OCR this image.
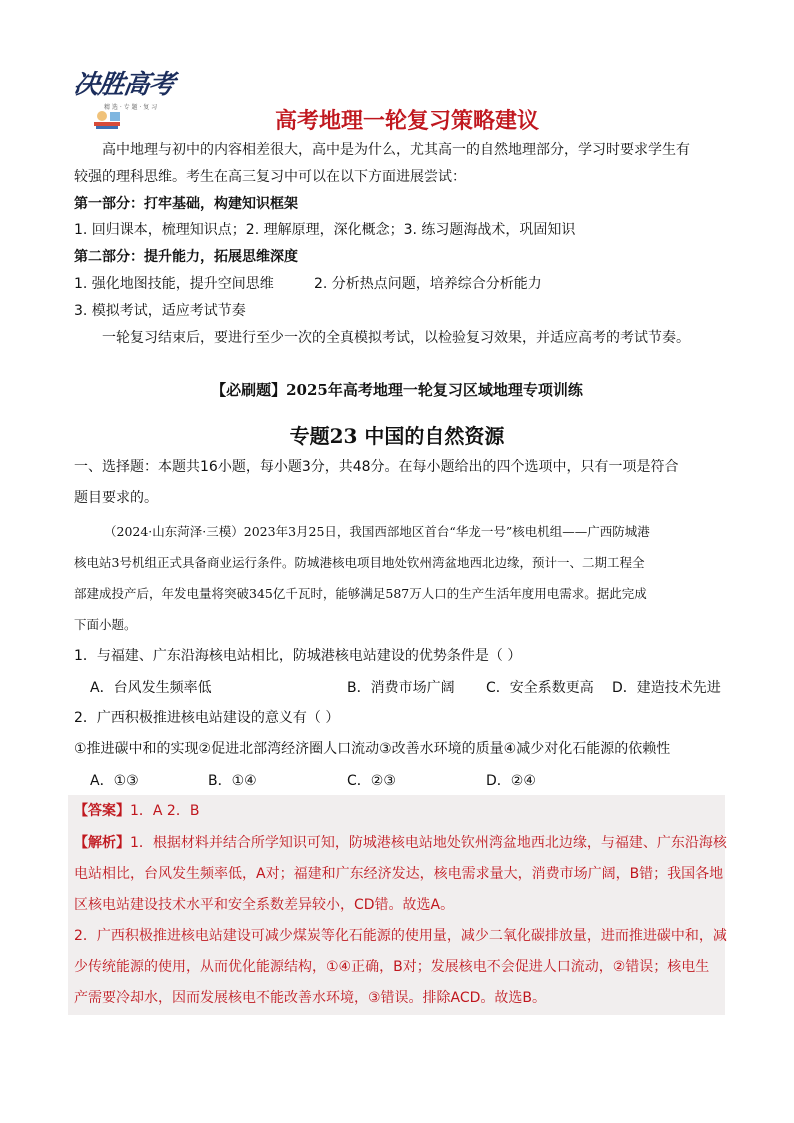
决胜高考
精 选 · 专 题 · 复 习
高考地理一轮复习策略建议
高中地理与初中的内容相差很大，高中是为什么，尤其高一的自然地理部分，学习时要求学生有
较强的理科思维。考生在高三复习中可以在以下方面进展尝试：
第一部分：打牢基础，构建知识框架
1. 回归课本，梳理知识点；2. 理解原理，深化概念；3. 练习题海战术，巩固知识
第二部分：提升能力，拓展思维深度
1. 强化地图技能，提升空间思维	2. 分析热点问题，培养综合分析能力
3. 模拟考试，适应考试节奏
一轮复习结束后，要进行至少一次的全真模拟考试，以检验复习效果，并适应高考的考试节奏。
【必刷题】2025年高考地理一轮复习区域地理专项训练
专题23 中国的自然资源
一、选择题：本题共16小题，每小题3分，共48分。在每小题给出的四个选项中，只有一项是符合
题目要求的。
（2024·山东菏泽·三模）2023年3月25日，我国西部地区首台“华龙一号”核电机组——广西防城港
核电站3号机组正式具备商业运行条件。防城港核电项目地处钦州湾盆地西北边缘，预计一、二期工程全
部建成投产后，年发电量将突破345亿千瓦时，能够满足587万人口的生产生活年度用电需求。据此完成
下面小题。
1．与福建、广东沿海核电站相比，防城港核电站建设的优势条件是（ ）
A．台风发生频率低	B．消费市场广阔 C．安全系数更高 D．建造技术先进
2．广西积极推进核电站建设的意义有（ ）
①推进碳中和的实现②促进北部湾经济圈人口流动③改善水环境的质量④减少对化石能源的依赖性
A．①③	B．①④	C．②③	D．②④
【答案】1．A 2．B
【解析】1．根据材料并结合所学知识可知，防城港核电站地处钦州湾盆地西北边缘，与福建、广东沿海核
电站相比，台风发生频率低，A对；福建和广东经济发达，核电需求量大，消费市场广阔，B错；我国各地
区核电站建设技术水平和安全系数差异较小，CD错。故选A。
2．广西积极推进核电站建设可减少煤炭等化石能源的使用量，减少二氧化碳排放量，进而推进碳中和，减
少传统能源的使用，从而优化能源结构，①④正确，B对；发展核电不会促进人口流动，②错误；核电生
产需要冷却水，因而发展核电不能改善水环境，③错误。排除ACD。故选B。
